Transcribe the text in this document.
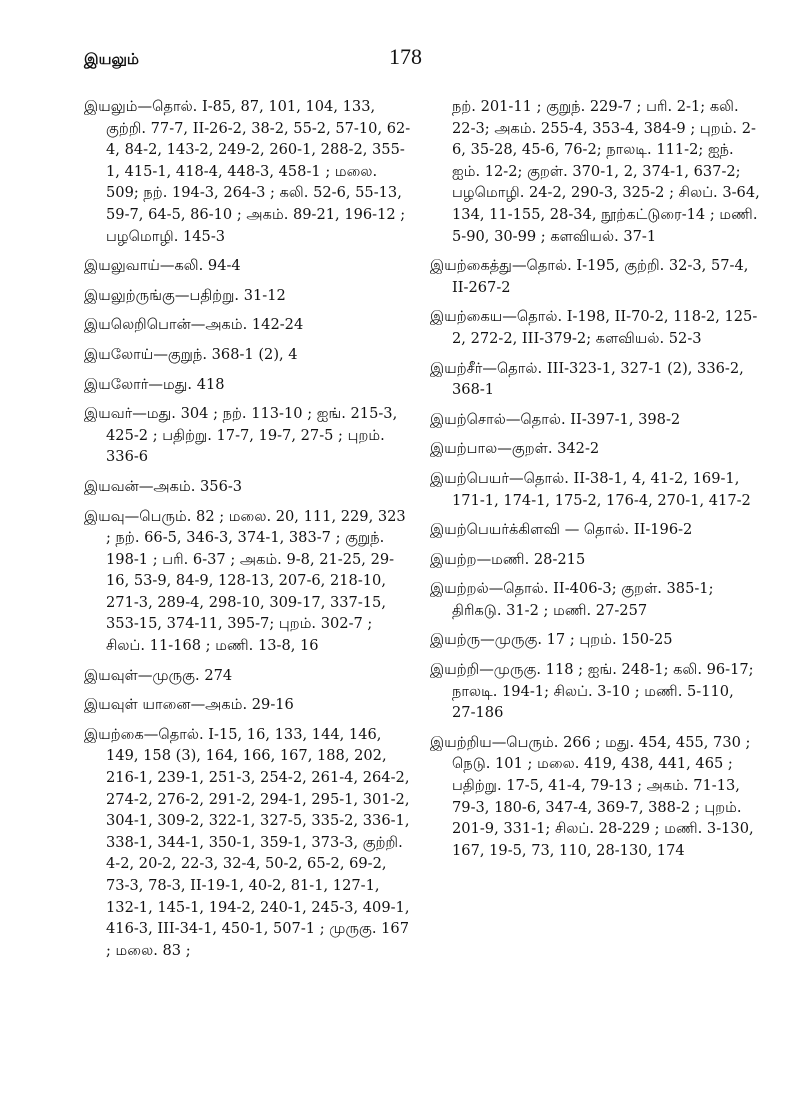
இயலும்	178
இயலும்—தொல். I-85, 87, 101, 104, 133, குற்றி. 77-7, II-26-2, 38-2, 55-2, 57-10, 62-4, 84-2, 143-2, 249-2, 260-1, 288-2, 355-1, 415-1, 418-4, 448-3, 458-1 ; மலை. 509; நற். 194-3, 264-3 ; கலி. 52-6, 55-13, 59-7, 64-5, 86-10 ; அகம். 89-21, 196-12 ; பழமொழி. 145-3
இயலுவாய்—கலி. 94-4
இயலுற்ருங்கு—பதிற்று. 31-12
இயலெறிபொன்—அகம். 142-24
இயலோய்—குறுந். 368-1 (2), 4
இயலோர்—மது. 418
இயவர்—மது. 304 ; நற். 113-10 ; ஐங். 215-3, 425-2 ; பதிற்று. 17-7, 19-7, 27-5 ; புறம். 336-6
இயவன்—அகம். 356-3
இயவு—பெரும். 82 ; மலை. 20, 111, 229, 323 ; நற். 66-5, 346-3, 374-1, 383-7 ; குறுந். 198-1 ; பரி. 6-37 ; அகம். 9-8, 21-25, 29-16, 53-9, 84-9, 128-13, 207-6, 218-10, 271-3, 289-4, 298-10, 309-17, 337-15, 353-15, 374-11, 395-7; புறம். 302-7 ; சிலப். 11-168 ; மணி. 13-8, 16
இயவுள்—முருகு. 274
இயவுள் யானை—அகம். 29-16
இயற்கை—தொல். I-15, 16, 133, 144, 146, 149, 158 (3), 164, 166, 167, 188, 202, 216-1, 239-1, 251-3, 254-2, 261-4, 264-2, 274-2, 276-2, 291-2, 294-1, 295-1, 301-2, 304-1, 309-2, 322-1, 327-5, 335-2, 336-1, 338-1, 344-1, 350-1, 359-1, 373-3, குற்றி. 4-2, 20-2, 22-3, 32-4, 50-2, 65-2, 69-2, 73-3, 78-3, II-19-1, 40-2, 81-1, 127-1, 132-1, 145-1, 194-2, 240-1, 245-3, 409-1, 416-3, III-34-1, 450-1, 507-1 ; முருகு. 167 ; மலை. 83 ;
நற். 201-11 ; குறுந். 229-7 ; பரி. 2-1; கலி. 22-3; அகம். 255-4, 353-4, 384-9 ; புறம். 2-6, 35-28, 45-6, 76-2; நாலடி. 111-2; ஐந். ஐம். 12-2; குறள். 370-1, 2, 374-1, 637-2; பழமொழி. 24-2, 290-3, 325-2 ; சிலப். 3-64, 134, 11-155, 28-34, நூற்கட்டுரை-14 ; மணி. 5-90, 30-99 ; களவியல். 37-1
இயற்கைத்து—தொல். I-195, குற்றி. 32-3, 57-4, II-267-2
இயற்கைய—தொல். I-198, II-70-2, 118-2, 125-2, 272-2, III-379-2; களவியல். 52-3
இயற்சீர்—தொல். III-323-1, 327-1 (2), 336-2, 368-1
இயற்சொல்—தொல். II-397-1, 398-2
இயற்பால—குறள். 342-2
இயற்பெயர்—தொல். II-38-1, 4, 41-2, 169-1, 171-1, 174-1, 175-2, 176-4, 270-1, 417-2
இயற்பெயர்க்கிளவி — தொல். II-196-2
இயற்ற—மணி. 28-215
இயற்றல்—தொல். II-406-3; குறள். 385-1; திரிகடு. 31-2 ; மணி. 27-257
இயற்ரு—முருகு. 17 ; புறம். 150-25
இயற்றி—முருகு. 118 ; ஐங். 248-1; கலி. 96-17; நாலடி. 194-1; சிலப். 3-10 ; மணி. 5-110, 27-186
இயற்றிய—பெரும். 266 ; மது. 454, 455, 730 ; நெடு. 101 ; மலை. 419, 438, 441, 465 ; பதிற்று. 17-5, 41-4, 79-13 ; அகம். 71-13, 79-3, 180-6, 347-4, 369-7, 388-2 ; புறம். 201-9, 331-1; சிலப். 28-229 ; மணி. 3-130, 167, 19-5, 73, 110, 28-130, 174
